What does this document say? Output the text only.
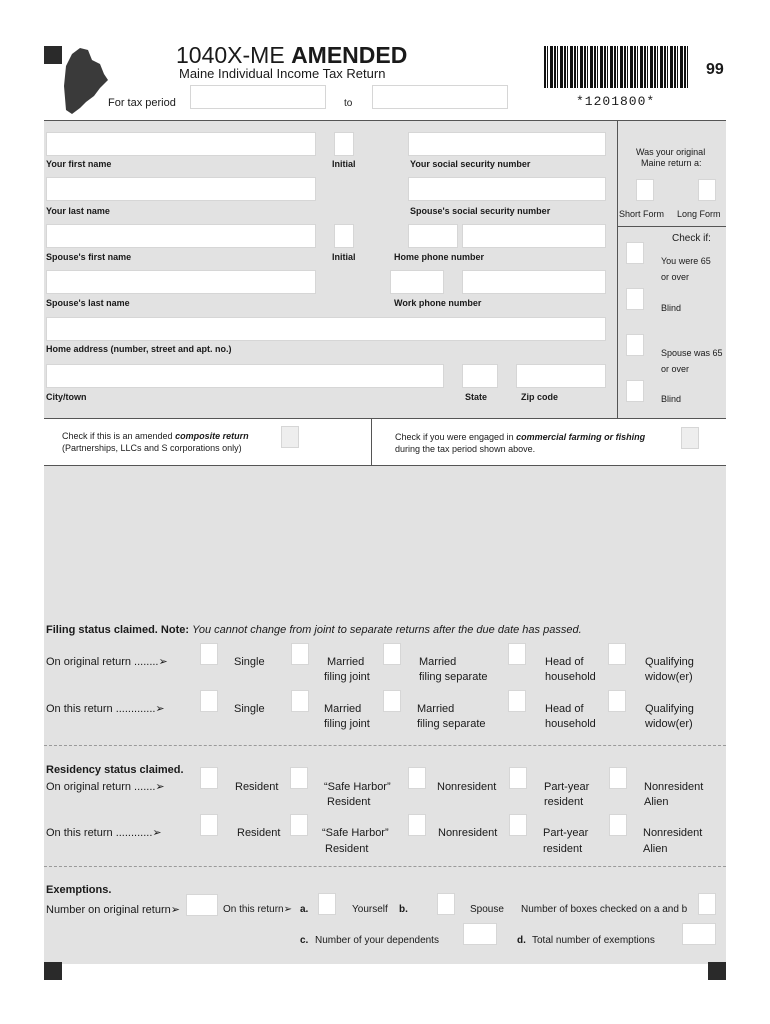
1040X-ME AMENDED
Maine Individual Income Tax Return
*1201800*
99
For tax period	to
Your first name	Initial	Your social security number
Your last name	Spouse's social security number
Spouse's first name	Initial	Home phone number
Spouse's last name	Work phone number
Home address (number, street and apt. no.)
City/town	State	Zip code
Was your original
Maine return a:
Short Form Long Form
Check if:
You were 65
or over
Blind
Spouse was 65
or over
Blind
Check if this is an amended composite return
(Partnerships, LLCs and S corporations only)
Check if you were engaged in commercial farming or fishing
during the tax period shown above.
Filing status claimed. Note: You cannot change from joint to separate returns after the due date has passed.
On original return ........➢	Single	Married
filing joint
Married
filing separate
Head of
household
Qualifying
widow(er)
On this return .............➢	Single	Married
filing joint
Married
filing separate
Head of
household
Qualifying
widow(er)
Residency status claimed.
On original return .......➢	Resident	“Safe Harbor”
Resident
Nonresident	Part-year
resident
Nonresident
Alien
On this return ............➢	Resident	“Safe Harbor”
Resident
Nonresident	Part-year
resident
Nonresident
Alien
Exemptions.
Number on original return➢	On this return➢ a.	Yourself b.	Spouse Number of boxes checked on a and b
c. Number of your dependents	d. Total number of exemptions
